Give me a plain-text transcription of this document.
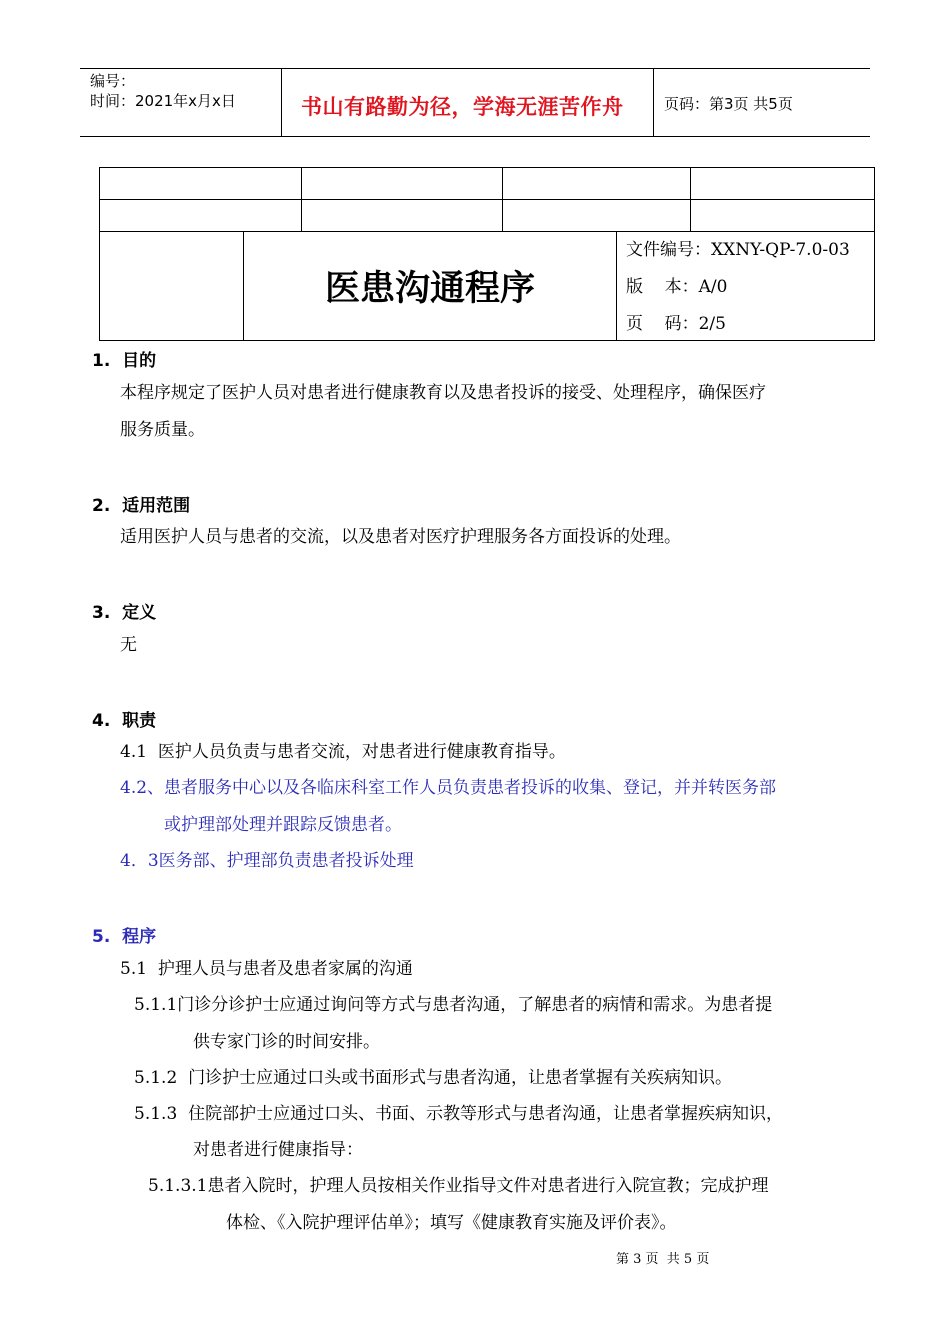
编号：
时间：2021年x月x日	书山有路勤为径，学海无涯苦作舟	页码：第3页 共5页

	医患沟通程序	
文件编号：XXNY-QP-7.0-03
版    本：A/0
页    码：2/5
1.  目的
本程序规定了医护人员对患者进行健康教育以及患者投诉的接受、处理程序，确保医疗
服务质量。
2.  适用范围
适用医护人员与患者的交流，以及患者对医疗护理服务各方面投诉的处理。
3.  定义
无
4.  职责
4.1  医护人员负责与患者交流，对患者进行健康教育指导。
4.2、患者服务中心以及各临床科室工作人员负责患者投诉的收集、登记，并并转医务部
或护理部处理并跟踪反馈患者。
4．3医务部、护理部负责患者投诉处理
5.  程序
5.1  护理人员与患者及患者家属的沟通
5.1.1门诊分诊护士应通过询问等方式与患者沟通，了解患者的病情和需求。为患者提
供专家门诊的时间安排。
5.1.2  门诊护士应通过口头或书面形式与患者沟通，让患者掌握有关疾病知识。
5.1.3  住院部护士应通过口头、书面、示教等形式与患者沟通，让患者掌握疾病知识，
对患者进行健康指导：
5.1.3.1患者入院时，护理人员按相关作业指导文件对患者进行入院宣教；完成护理
体检、《入院护理评估单》；填写《健康教育实施及评价表》。
第 3 页  共 5 页
